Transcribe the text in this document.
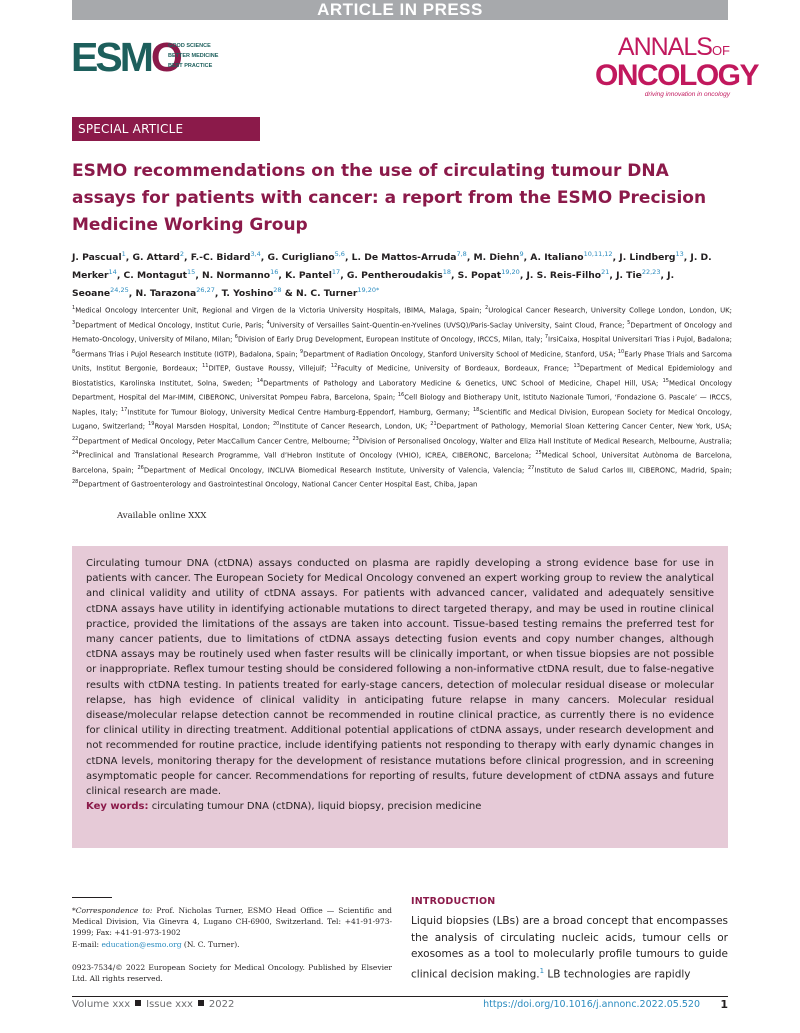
ARTICLE IN PRESS
ESMO
GOOD SCIENCE
BETTER MEDICINE
BEST PRACTICE
ANNALSOF
ONCOLOGY
driving innovation in oncology
SPECIAL ARTICLE
ESMO recommendations on the use of circulating tumour DNA assays for patients with cancer: a report from the ESMO Precision Medicine Working Group
J. Pascual$^1$, G. Attard$^2$, F.-C. Bidard$^{3,4}$, G. Curigliano$^{5,6}$, L. De Mattos-Arruda$^{7,8}$, M. Diehn$^9$, A. Italiano$^{10,11,12}$, J. Lindberg$^{13}$, J. D. Merker$^{14}$, C. Montagut$^{15}$, N. Normanno$^{16}$, K. Pantel$^{17}$, G. Pentheroudakis$^{18}$, S. Popat$^{19,20}$, J. S. Reis-Filho$^{21}$, J. Tie$^{22,23}$, J. Seoane$^{24,25}$, N. Tarazona$^{26,27}$, T. Yoshino$^{28}$ & N. C. Turner$^{19,20*}$
$^1$Medical Oncology Intercenter Unit, Regional and Virgen de la Victoria University Hospitals, IBIMA, Malaga, Spain; $^2$Urological Cancer Research, University College London, London, UK; $^3$Department of Medical Oncology, Institut Curie, Paris; $^4$University of Versailles Saint-Quentin-en-Yvelines (UVSQ)/Paris-Saclay University, Saint Cloud, France; $^5$Department of Oncology and Hemato-Oncology, University of Milano, Milan; $^6$Division of Early Drug Development, European Institute of Oncology, IRCCS, Milan, Italy; $^7$IrsiCaixa, Hospital Universitari Trias i Pujol, Badalona; $^8$Germans Trias i Pujol Research Institute (IGTP), Badalona, Spain; $^9$Department of Radiation Oncology, Stanford University School of Medicine, Stanford, USA; $^{10}$Early Phase Trials and Sarcoma Units, Institut Bergonie, Bordeaux; $^{11}$DITEP, Gustave Roussy, Villejuif; $^{12}$Faculty of Medicine, University of Bordeaux, Bordeaux, France; $^{13}$Department of Medical Epidemiology and Biostatistics, Karolinska Institutet, Solna, Sweden; $^{14}$Departments of Pathology and Laboratory Medicine & Genetics, UNC School of Medicine, Chapel Hill, USA; $^{15}$Medical Oncology Department, Hospital del Mar-IMIM, CIBERONC, Universitat Pompeu Fabra, Barcelona, Spain; $^{16}$Cell Biology and Biotherapy Unit, Istituto Nazionale Tumori, ‘Fondazione G. Pascale’ — IRCCS, Naples, Italy; $^{17}$Institute for Tumour Biology, University Medical Centre Hamburg-Eppendorf, Hamburg, Germany; $^{18}$Scientific and Medical Division, European Society for Medical Oncology, Lugano, Switzerland; $^{19}$Royal Marsden Hospital, London; $^{20}$Institute of Cancer Research, London, UK; $^{21}$Department of Pathology, Memorial Sloan Kettering Cancer Center, New York, USA; $^{22}$Department of Medical Oncology, Peter MacCallum Cancer Centre, Melbourne; $^{23}$Division of Personalised Oncology, Walter and Eliza Hall Institute of Medical Research, Melbourne, Australia; $^{24}$Preclinical and Translational Research Programme, Vall d’Hebron Institute of Oncology (VHIO), ICREA, CIBERONC, Barcelona; $^{25}$Medical School, Universitat Autònoma de Barcelona, Barcelona, Spain; $^{26}$Department of Medical Oncology, INCLIVA Biomedical Research Institute, University of Valencia, Valencia; $^{27}$Instituto de Salud Carlos III, CIBERONC, Madrid, Spain; $^{28}$Department of Gastroenterology and Gastrointestinal Oncology, National Cancer Center Hospital East, Chiba, Japan
Available online XXX

Circulating tumour DNA (ctDNA) assays conducted on plasma are rapidly developing a strong evidence base for use in patients with cancer. The European Society for Medical Oncology convened an expert working group to review the analytical and clinical validity and utility of ctDNA assays. For patients with advanced cancer, validated and adequately sensitive ctDNA assays have utility in identifying actionable mutations to direct targeted therapy, and may be used in routine clinical practice, provided the limitations of the assays are taken into account. Tissue-based testing remains the preferred test for many cancer patients, due to limitations of ctDNA assays detecting fusion events and copy number changes, although ctDNA assays may be routinely used when faster results will be clinically important, or when tissue biopsies are not possible or inappropriate. Reflex tumour testing should be considered following a non-informative ctDNA result, due to false-negative results with ctDNA testing. In patients treated for early-stage cancers, detection of molecular residual disease or molecular relapse, has high evidence of clinical validity in anticipating future relapse in many cancers. Molecular residual disease/molecular relapse detection cannot be recommended in routine clinical practice, as currently there is no evidence for clinical utility in directing treatment. Additional potential applications of ctDNA assays, under research development and not recommended for routine practice, include identifying patients not responding to therapy with early dynamic changes in ctDNA levels, monitoring therapy for the development of resistance mutations before clinical progression, and in screening asymptomatic people for cancer. Recommendations for reporting of results, future development of ctDNA assays and future clinical research are made.

Key words: circulating tumour DNA (ctDNA), liquid biopsy, precision medicine

*Correspondence to: Prof. Nicholas Turner, ESMO Head Office — Scientific and Medical Division, Via Ginevra 4, Lugano CH-6900, Switzerland. Tel: +41-91-973-1999; Fax: +41-91-973-1902
E-mail: education@esmo.org (N. C. Turner).
0923-7534/© 2022 European Society for Medical Oncology. Published by Elsevier Ltd. All rights reserved.
INTRODUCTION
Liquid biopsies (LBs) are a broad concept that encompasses the analysis of circulating nucleic acids, tumour cells or exosomes as a tool to molecularly profile tumours to guide clinical decision making.$^1$ LB technologies are rapidly
Volume xxx Issue xxx 2022	https://doi.org/10.1016/j.annonc.2022.05.520 1
